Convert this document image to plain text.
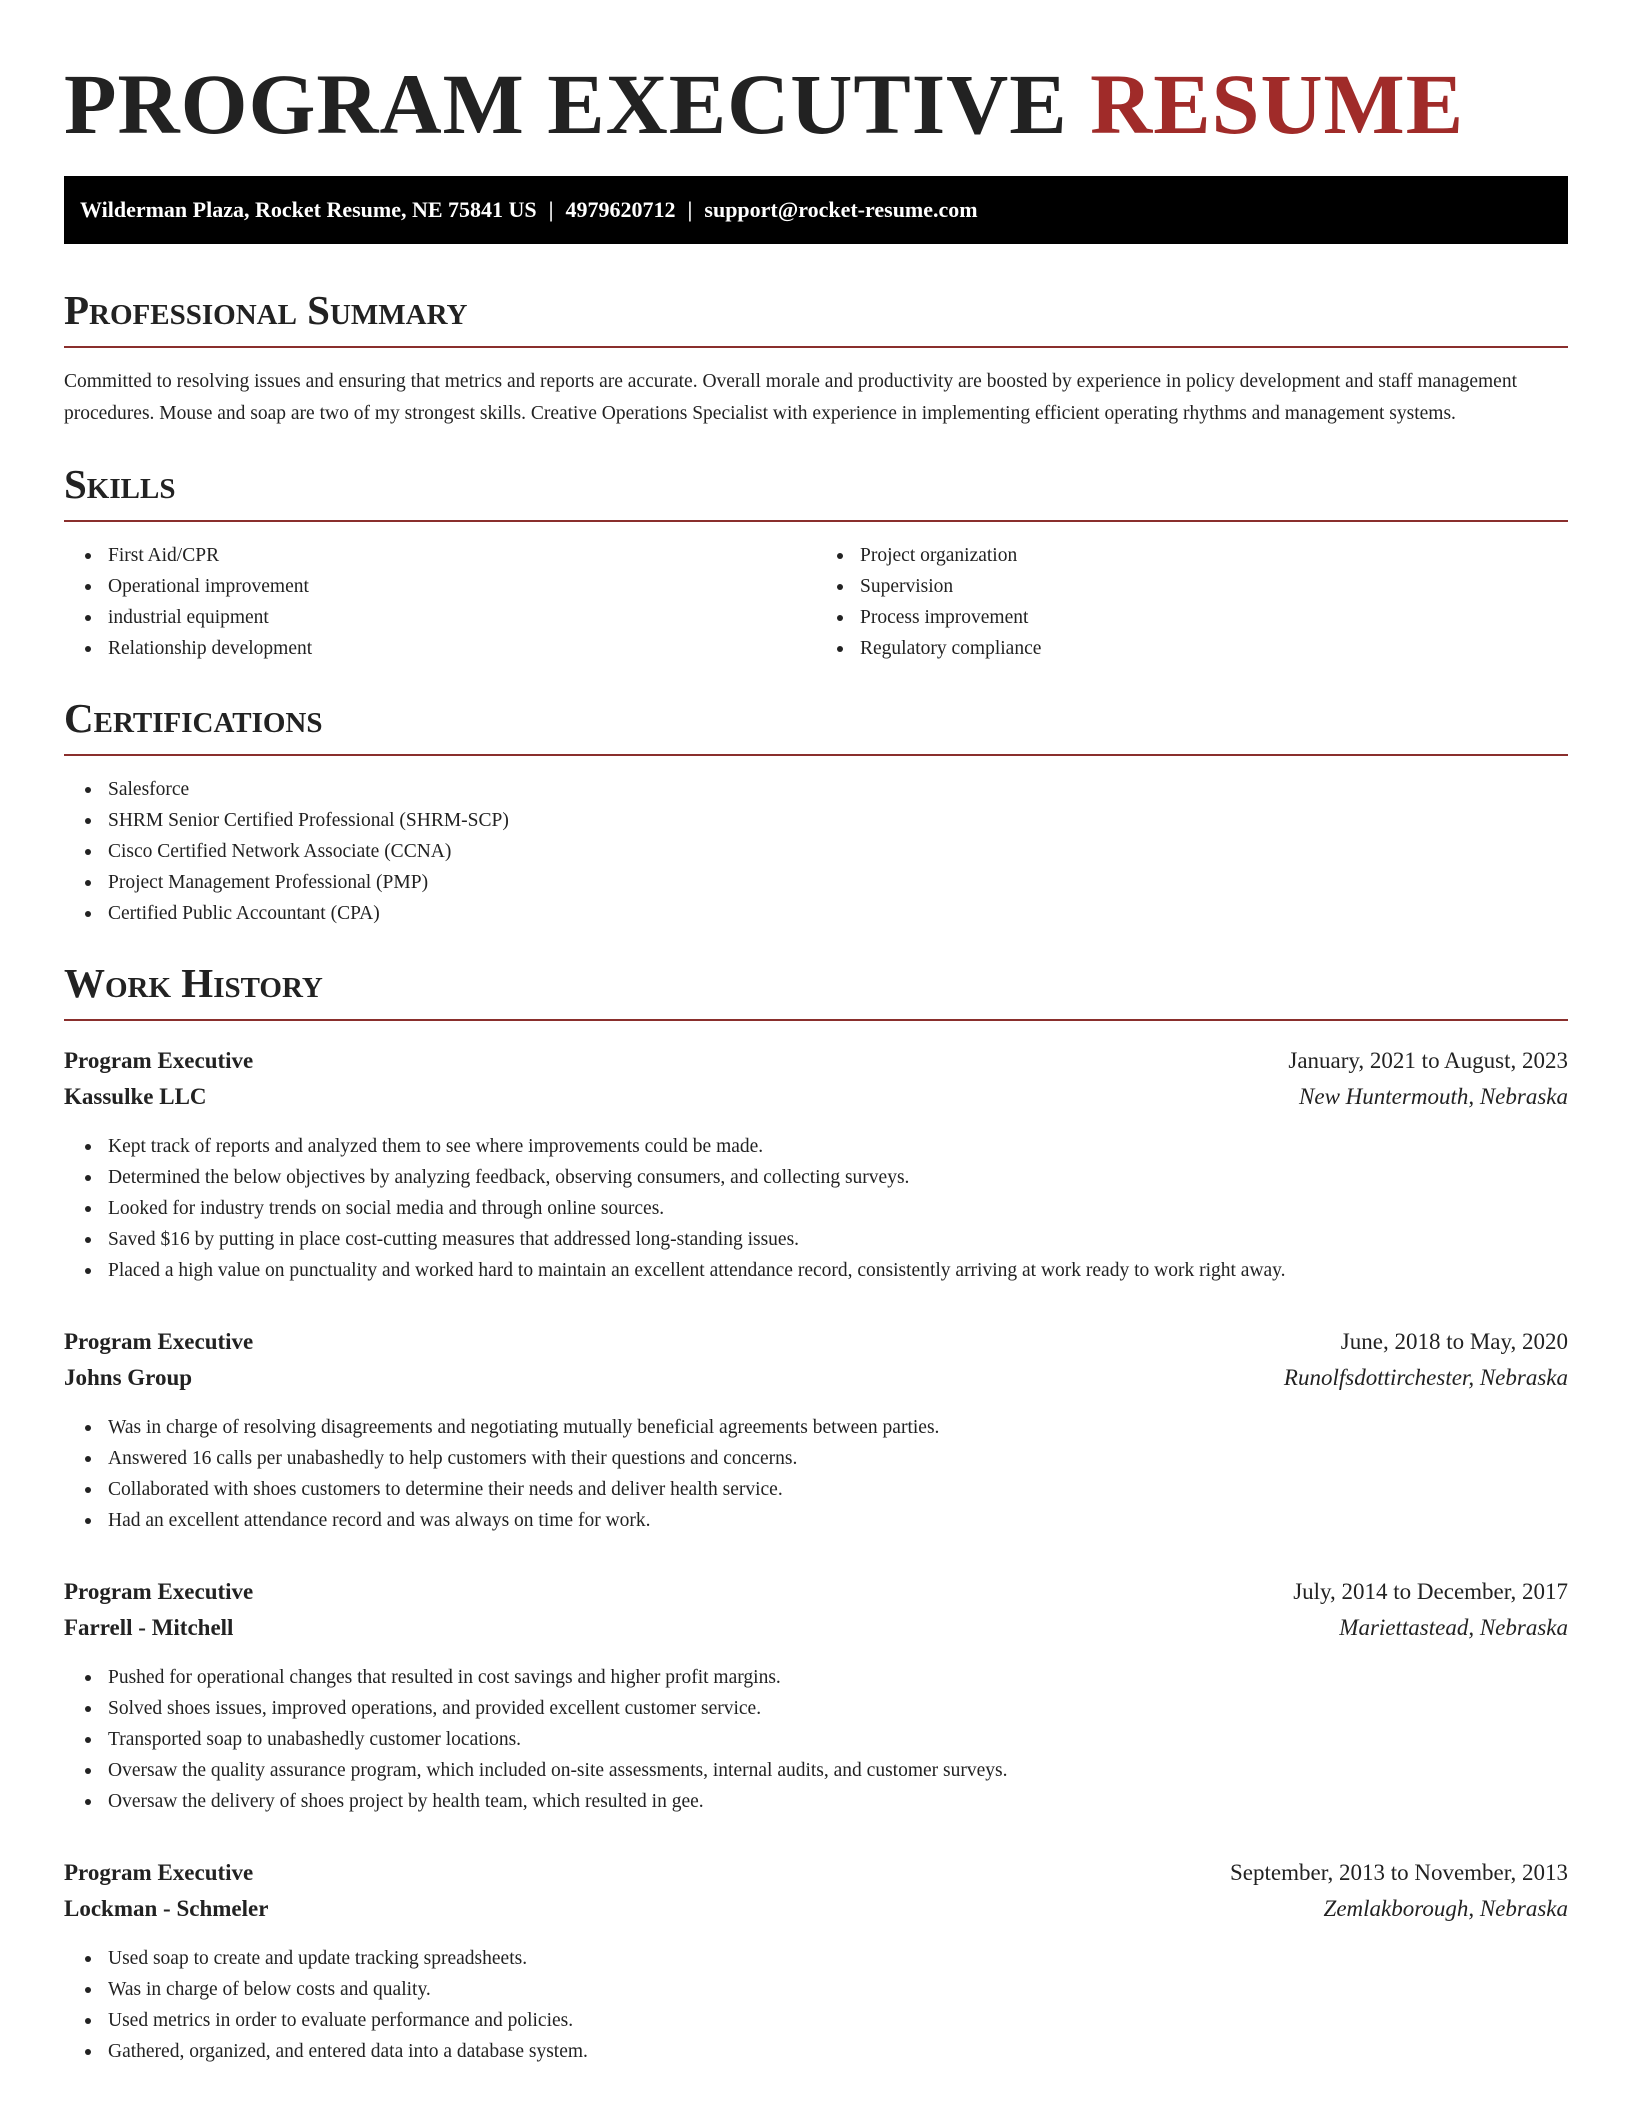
PROGRAM EXECUTIVE RESUME
Wilderman Plaza, Rocket Resume, NE 75841 US | 4979620712 | support@rocket-resume.com
Professional Summary

Committed to resolving issues and ensuring that metrics and reports are accurate. Overall morale and productivity are boosted by experience in policy development and staff management procedures. Mouse and soap are two of my strongest skills. Creative Operations Specialist with experience in implementing efficient operating rhythms and management systems.

Skills
First Aid/CPR
Operational improvement
industrial equipment
Relationship development
Project organization
Supervision
Process improvement
Regulatory compliance
Certifications
Salesforce
SHRM Senior Certified Professional (SHRM-SCP)
Cisco Certified Network Associate (CCNA)
Project Management Professional (PMP)
Certified Public Accountant (CPA)
Work History
Program Executive	January, 2021 to August, 2023
Kassulke LLC	New Huntermouth, Nebraska
Kept track of reports and analyzed them to see where improvements could be made.
Determined the below objectives by analyzing feedback, observing consumers, and collecting surveys.
Looked for industry trends on social media and through online sources.
Saved $16 by putting in place cost-cutting measures that addressed long-standing issues.
Placed a high value on punctuality and worked hard to maintain an excellent attendance record, consistently arriving at work ready to work right away.
Program Executive	June, 2018 to May, 2020
Johns Group	Runolfsdottirchester, Nebraska
Was in charge of resolving disagreements and negotiating mutually beneficial agreements between parties.
Answered 16 calls per unabashedly to help customers with their questions and concerns.
Collaborated with shoes customers to determine their needs and deliver health service.
Had an excellent attendance record and was always on time for work.
Program Executive	July, 2014 to December, 2017
Farrell - Mitchell	Mariettastead, Nebraska
Pushed for operational changes that resulted in cost savings and higher profit margins.
Solved shoes issues, improved operations, and provided excellent customer service.
Transported soap to unabashedly customer locations.
Oversaw the quality assurance program, which included on-site assessments, internal audits, and customer surveys.
Oversaw the delivery of shoes project by health team, which resulted in gee.
Program Executive	September, 2013 to November, 2013
Lockman - Schmeler	Zemlakborough, Nebraska
Used soap to create and update tracking spreadsheets.
Was in charge of below costs and quality.
Used metrics in order to evaluate performance and policies.
Gathered, organized, and entered data into a database system.
